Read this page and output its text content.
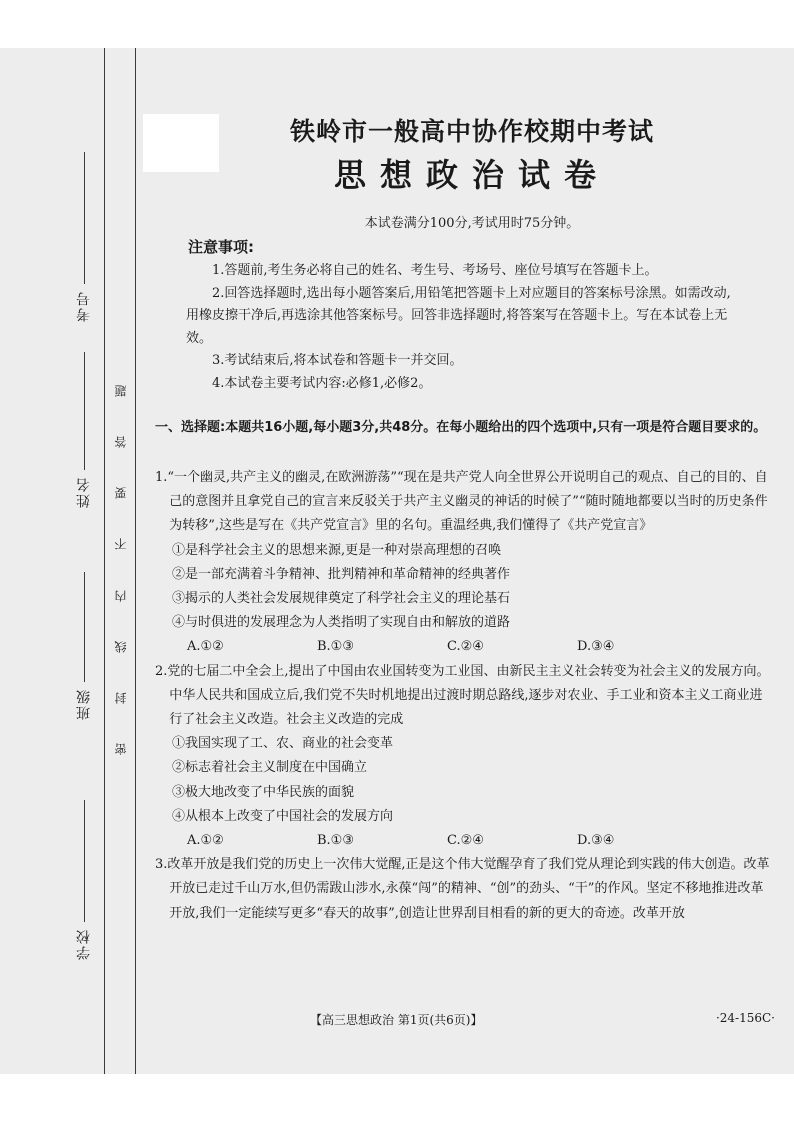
考号
姓名
班级
学校
题
答
要
不
内
线
封
密
铁岭市一般高中协作校期中考试
思想政治试卷
本试卷满分100分,考试用时75分钟。
注意事项:

1.答题前,考生务必将自己的姓名、考生号、考场号、座位号填写在答题卡上。

2.回答选择题时,选出每小题答案后,用铅笔把答题卡上对应题目的答案标号涂黑。如需改动,用橡皮擦干净后,再选涂其他答案标号。回答非选择题时,将答案写在答题卡上。写在本试卷上无效。

3.考试结束后,将本试卷和答题卡一并交回。

4.本试卷主要考试内容:必修1,必修2。

一、选择题:本题共16小题,每小题3分,共48分。在每小题给出的四个选项中,只有一项是符合题目要求的。

1.“一个幽灵,共产主义的幽灵,在欧洲游荡”“现在是共产党人向全世界公开说明自己的观点、自己的目的、自己的意图并且拿党自己的宣言来反驳关于共产主义幽灵的神话的时候了”“随时随地都要以当时的历史条件为转移”,这些是写在《共产党宣言》里的名句。重温经典,我们懂得了《共产党宣言》

①是科学社会主义的思想来源,更是一种对崇高理想的召唤

②是一部充满着斗争精神、批判精神和革命精神的经典著作

③揭示的人类社会发展规律奠定了科学社会主义的理论基石

④与时俱进的发展理念为人类指明了实现自由和解放的道路

A.①②	B.①③	C.②④	D.③④

2.党的七届二中全会上,提出了中国由农业国转变为工业国、由新民主主义社会转变为社会主义的发展方向。中华人民共和国成立后,我们党不失时机地提出过渡时期总路线,逐步对农业、手工业和资本主义工商业进行了社会主义改造。社会主义改造的完成

①我国实现了工、农、商业的社会变革

②标志着社会主义制度在中国确立

③极大地改变了中华民族的面貌

④从根本上改变了中国社会的发展方向

A.①②	B.①③	C.②④	D.③④

3.改革开放是我们党的历史上一次伟大觉醒,正是这个伟大觉醒孕育了我们党从理论到实践的伟大创造。改革开放已走过千山万水,但仍需跋山涉水,永葆“闯”的精神、“创”的劲头、“干”的作风。坚定不移地推进改革开放,我们一定能续写更多“春天的故事”,创造让世界刮目相看的新的更大的奇迹。改革开放

【高三思想政治 第1页(共6页)】	·24-156C·
